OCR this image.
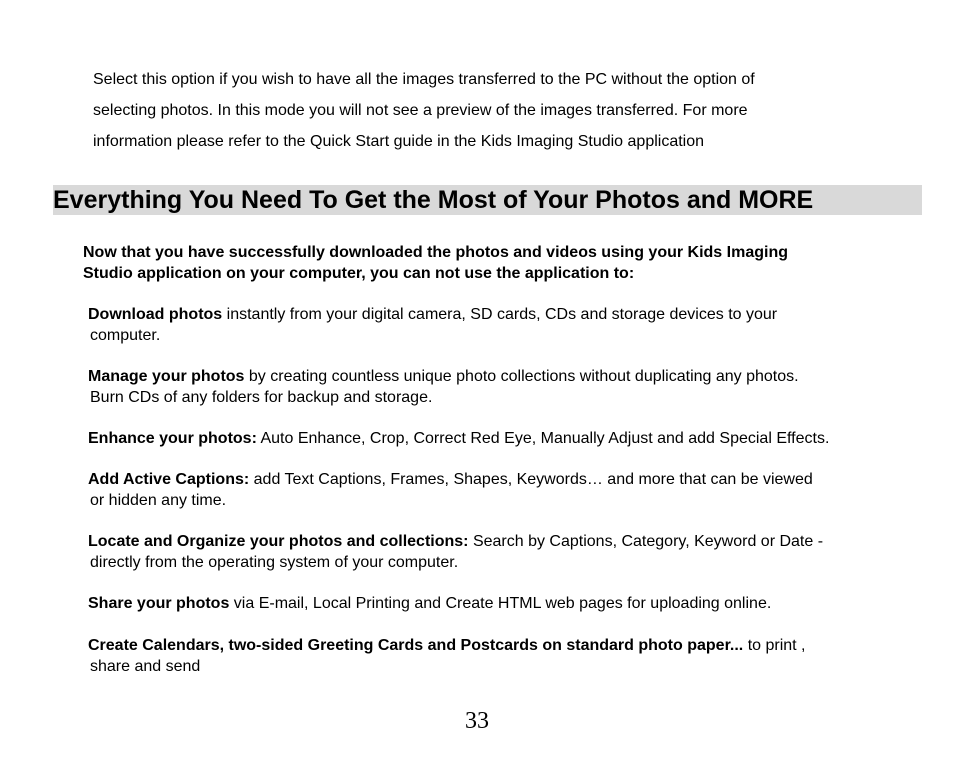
Select this option if you wish to have all the images transferred to the PC without the option of
selecting photos. In this mode you will not see a preview of the images transferred. For more
information please refer to the Quick Start guide in the Kids Imaging Studio application

Everything You Need To Get the Most of Your Photos and MORE

Now that you have successfully downloaded the photos and videos using your Kids Imaging
Studio application on your computer, you can not use the application to:

Download photos instantly from your digital camera, SD cards, CDs and storage devices to your
computer.

Manage your photos by creating countless unique photo collections without duplicating any photos.
Burn CDs of any folders for backup and storage.

Enhance your photos: Auto Enhance, Crop, Correct Red Eye, Manually Adjust and add Special Effects.

Add Active Captions: add Text Captions, Frames, Shapes, Keywords… and more that can be viewed
or hidden any time.

Locate and Organize your photos and collections: Search by Captions, Category, Keyword or Date -
directly from the operating system of your computer.

Share your photos via E-mail, Local Printing and Create HTML web pages for uploading online.

Create Calendars, two-sided Greeting Cards and Postcards on standard photo paper... to print ,
share and send

33
